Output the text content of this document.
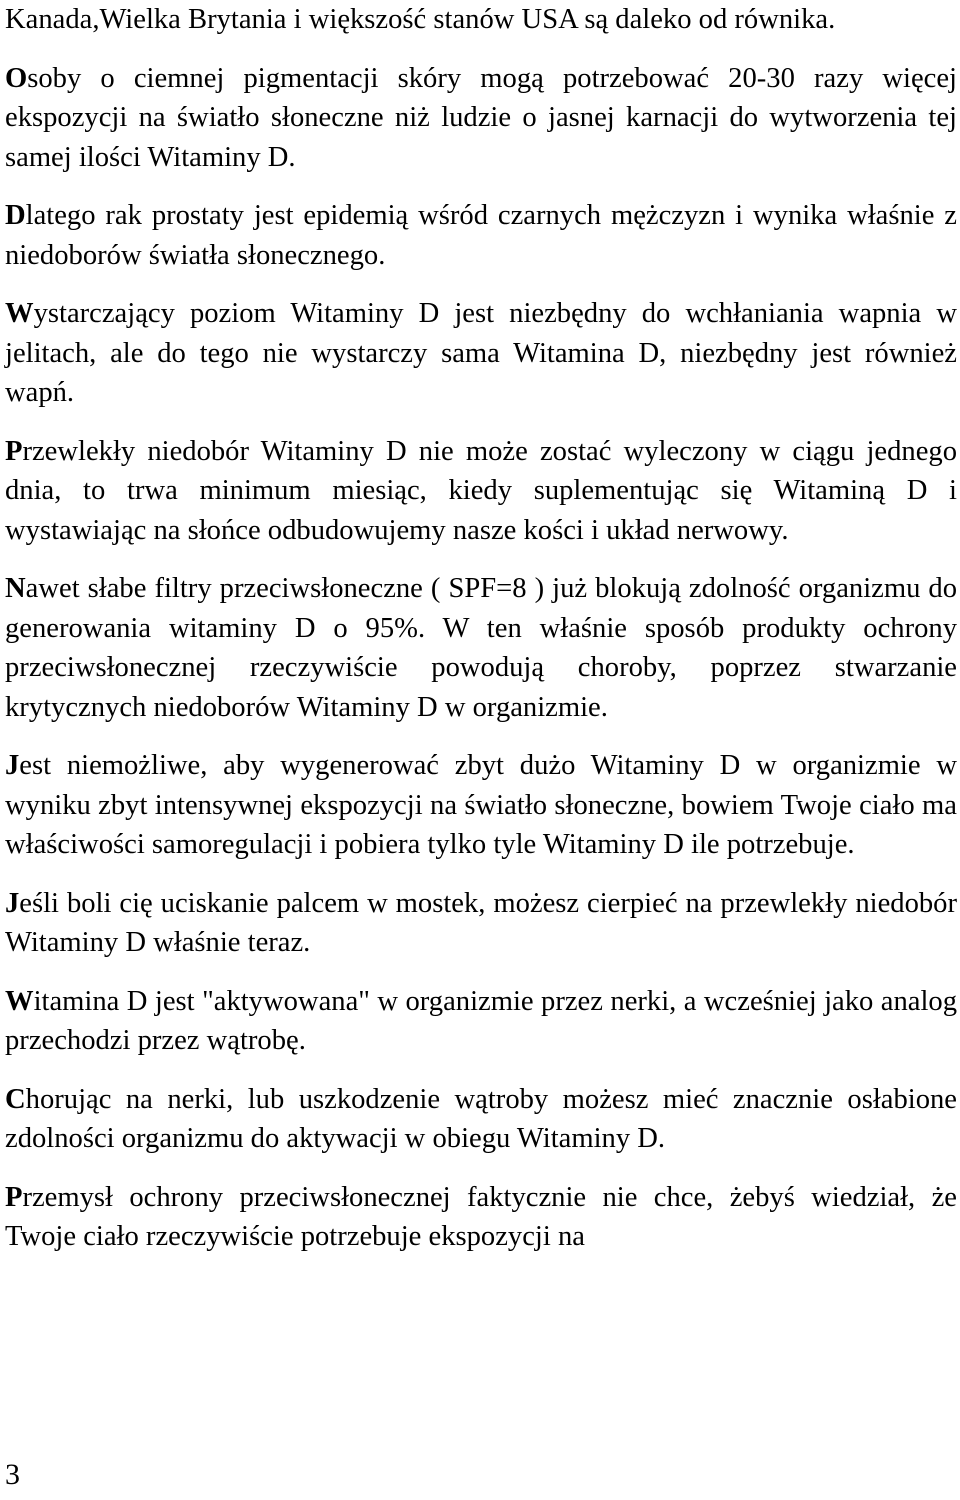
Kanada,Wielka Brytania i większość stanów USA są daleko od równika.

Osoby o ciemnej pigmentacji skóry mogą potrzebować 20-30 razy więcej ekspozycji na światło słoneczne niż ludzie o jasnej karnacji do wytworzenia tej samej ilości Witaminy D.

Dlatego rak prostaty jest epidemią wśród czarnych mężczyzn i wynika właśnie z niedoborów światła słonecznego.

Wystarczający poziom Witaminy D jest niezbędny do wchłaniania wapnia w jelitach, ale do tego nie wystarczy sama Witamina D, niezbędny jest również wapń.

Przewlekły niedobór Witaminy D nie może zostać wyleczony w ciągu jednego dnia, to trwa minimum miesiąc, kiedy suplementując się Witaminą D i wystawiając na słońce odbudowujemy nasze kości i układ nerwowy.

Nawet słabe filtry przeciwsłoneczne ( SPF=8 ) już blokują zdolność organizmu do generowania witaminy D o 95%. W ten właśnie sposób produkty ochrony przeciwsłonecznej rzeczywiście powodują choroby, poprzez stwarzanie krytycznych niedoborów Witaminy D w organizmie.

Jest niemożliwe, aby wygenerować zbyt dużo Witaminy D w organizmie w wyniku zbyt intensywnej ekspozycji na światło słoneczne, bowiem Twoje ciało ma właściwości samoregulacji i pobiera tylko tyle Witaminy D ile potrzebuje.

Jeśli boli cię uciskanie palcem w mostek, możesz cierpieć na przewlekły niedobór Witaminy D właśnie teraz.

Witamina D jest "aktywowana" w organizmie przez nerki, a wcześniej jako analog przechodzi przez wątrobę.

Chorując na nerki, lub uszkodzenie wątroby możesz mieć znacznie osłabione zdolności organizmu do aktywacji w obiegu Witaminy D.

Przemysł ochrony przeciwsłonecznej faktycznie nie chce, żebyś wiedział, że Twoje ciało rzeczywiście potrzebuje ekspozycji na

3
